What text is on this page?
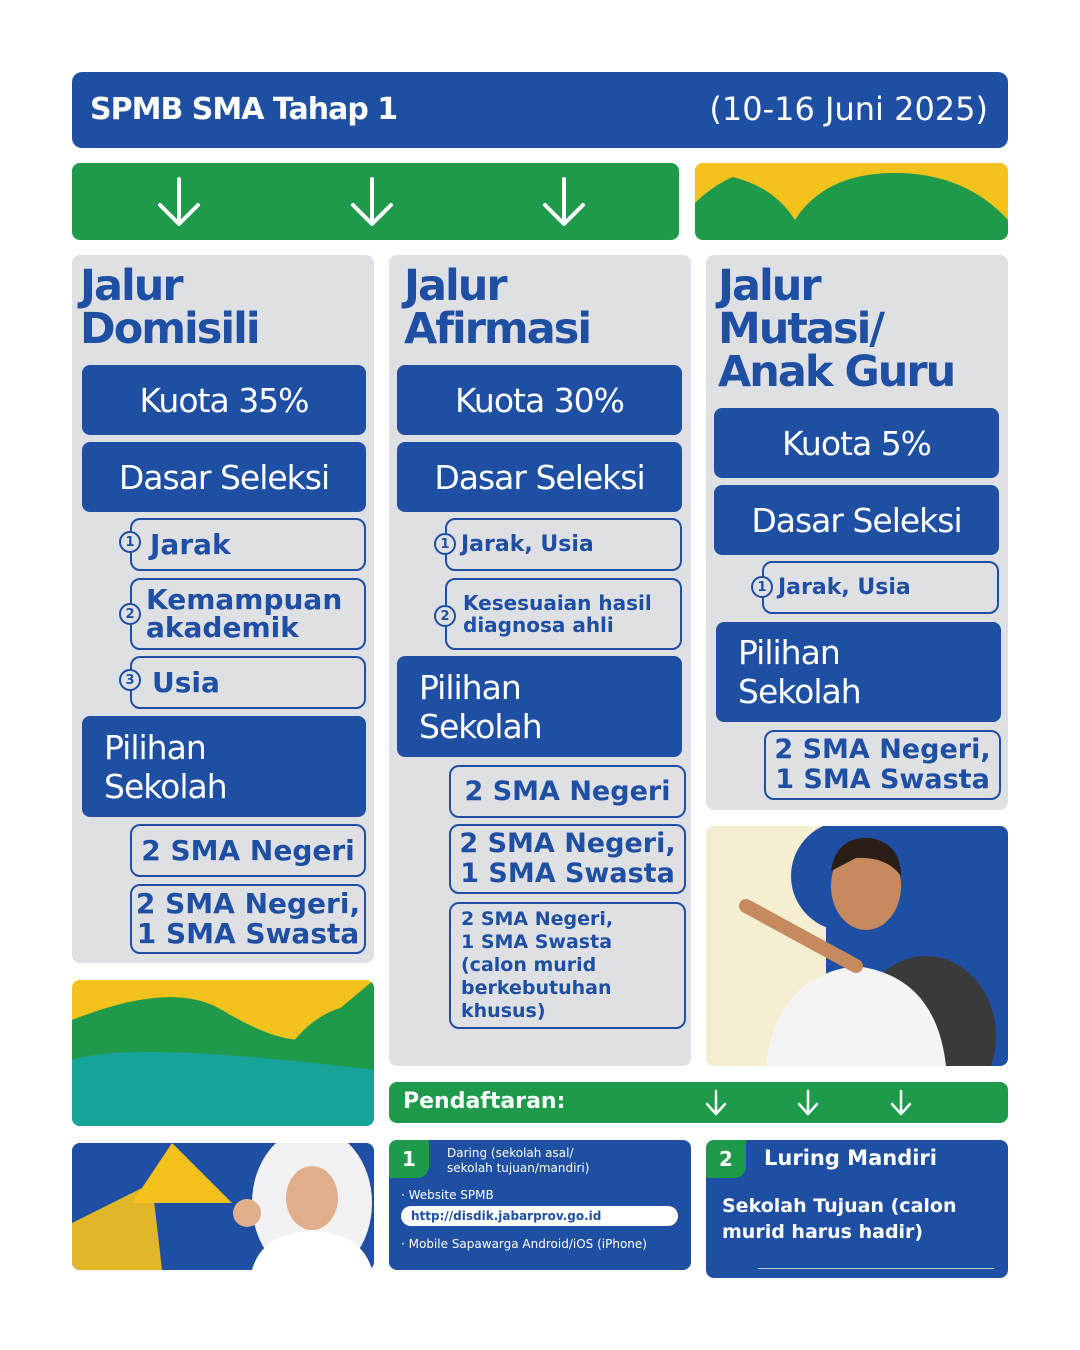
SPMB SMA Tahap 1	(10-16 Juni 2025)
Jalur
Domisili
Kuota 35%
Dasar Seleksi
Jarak
1
Kemampuan
akademik
2
Usia
3
Pilihan
Sekolah
2 SMA Negeri
2 SMA Negeri,
1 SMA Swasta
Jalur
Afirmasi
Kuota 30%
Dasar Seleksi
Jarak, Usia
1
Kesesuaian hasil
diagnosa ahli
2
Pilihan
Sekolah
2 SMA Negeri
2 SMA Negeri,
1 SMA Swasta
2 SMA Negeri,
1 SMA Swasta
(calon murid
berkebutuhan
khusus)
Jalur
Mutasi/
Anak Guru
Kuota 5%
Dasar Seleksi
Jarak, Usia
1
Pilihan
Sekolah
2 SMA Negeri,
1 SMA Swasta
Pendaftaran:
1	Daring (sekolah asal/
sekolah tujuan/mandiri)
· Website SPMB
http://disdik.jabarprov.go.id
· Mobile Sapawarga Android/iOS (iPhone)
2	Luring Mandiri
Sekolah Tujuan (calon
murid harus hadir)
